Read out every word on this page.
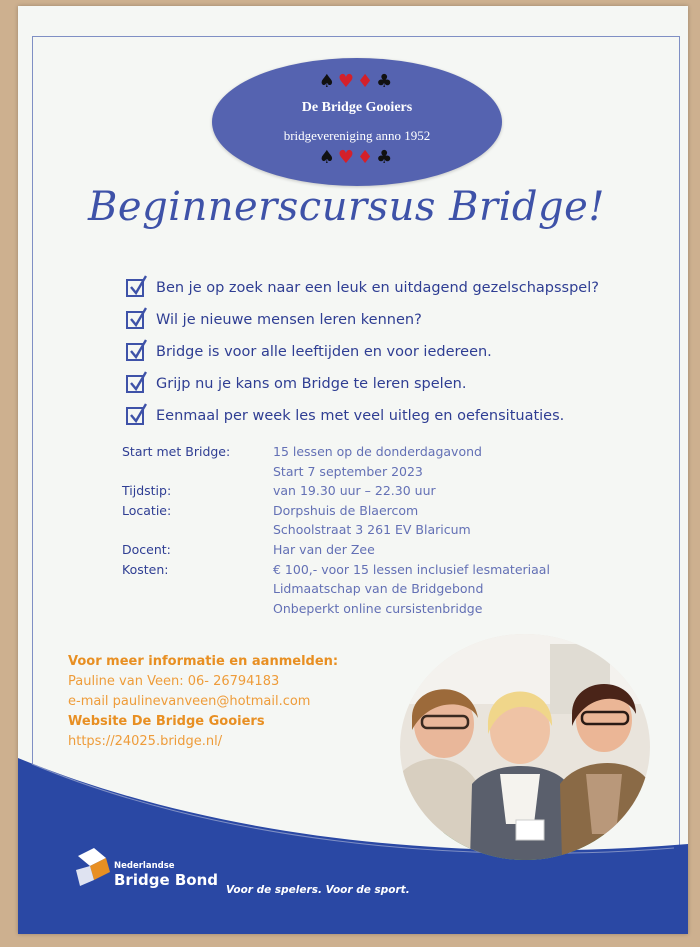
♠♥♦♣
De Bridge Gooiers
bridgevereniging anno 1952
♠♥♦♣
Beginnerscursus Bridge!
Ben je op zoek naar een leuk en uitdagend gezelschapsspel?
Wil je nieuwe mensen leren kennen?
Bridge is voor alle leeftijden en voor iedereen.
Grijp nu je kans om Bridge te leren spelen.
Eenmaal per week les met veel uitleg en oefensituaties.
Start met Bridge:	15 lessen op de donderdagavond
Start 7 september 2023
Tijdstip:	van 19.30 uur – 22.30 uur
Locatie:	Dorpshuis de Blaercom
Schoolstraat 3 261 EV Blaricum
Docent:	Har van der Zee
Kosten:	€ 100,- voor 15 lessen inclusief lesmateriaal
Lidmaatschap van de Bridgebond
Onbeperkt online cursistenbridge
Voor meer informatie en aanmelden:
Pauline van Veen: 06- 26794183
e-mail paulinevanveen@hotmail.com
Website De Bridge Gooiers
https://24025.bridge.nl/
Nederlandse
Bridge Bond
Voor de spelers. Voor de sport.
